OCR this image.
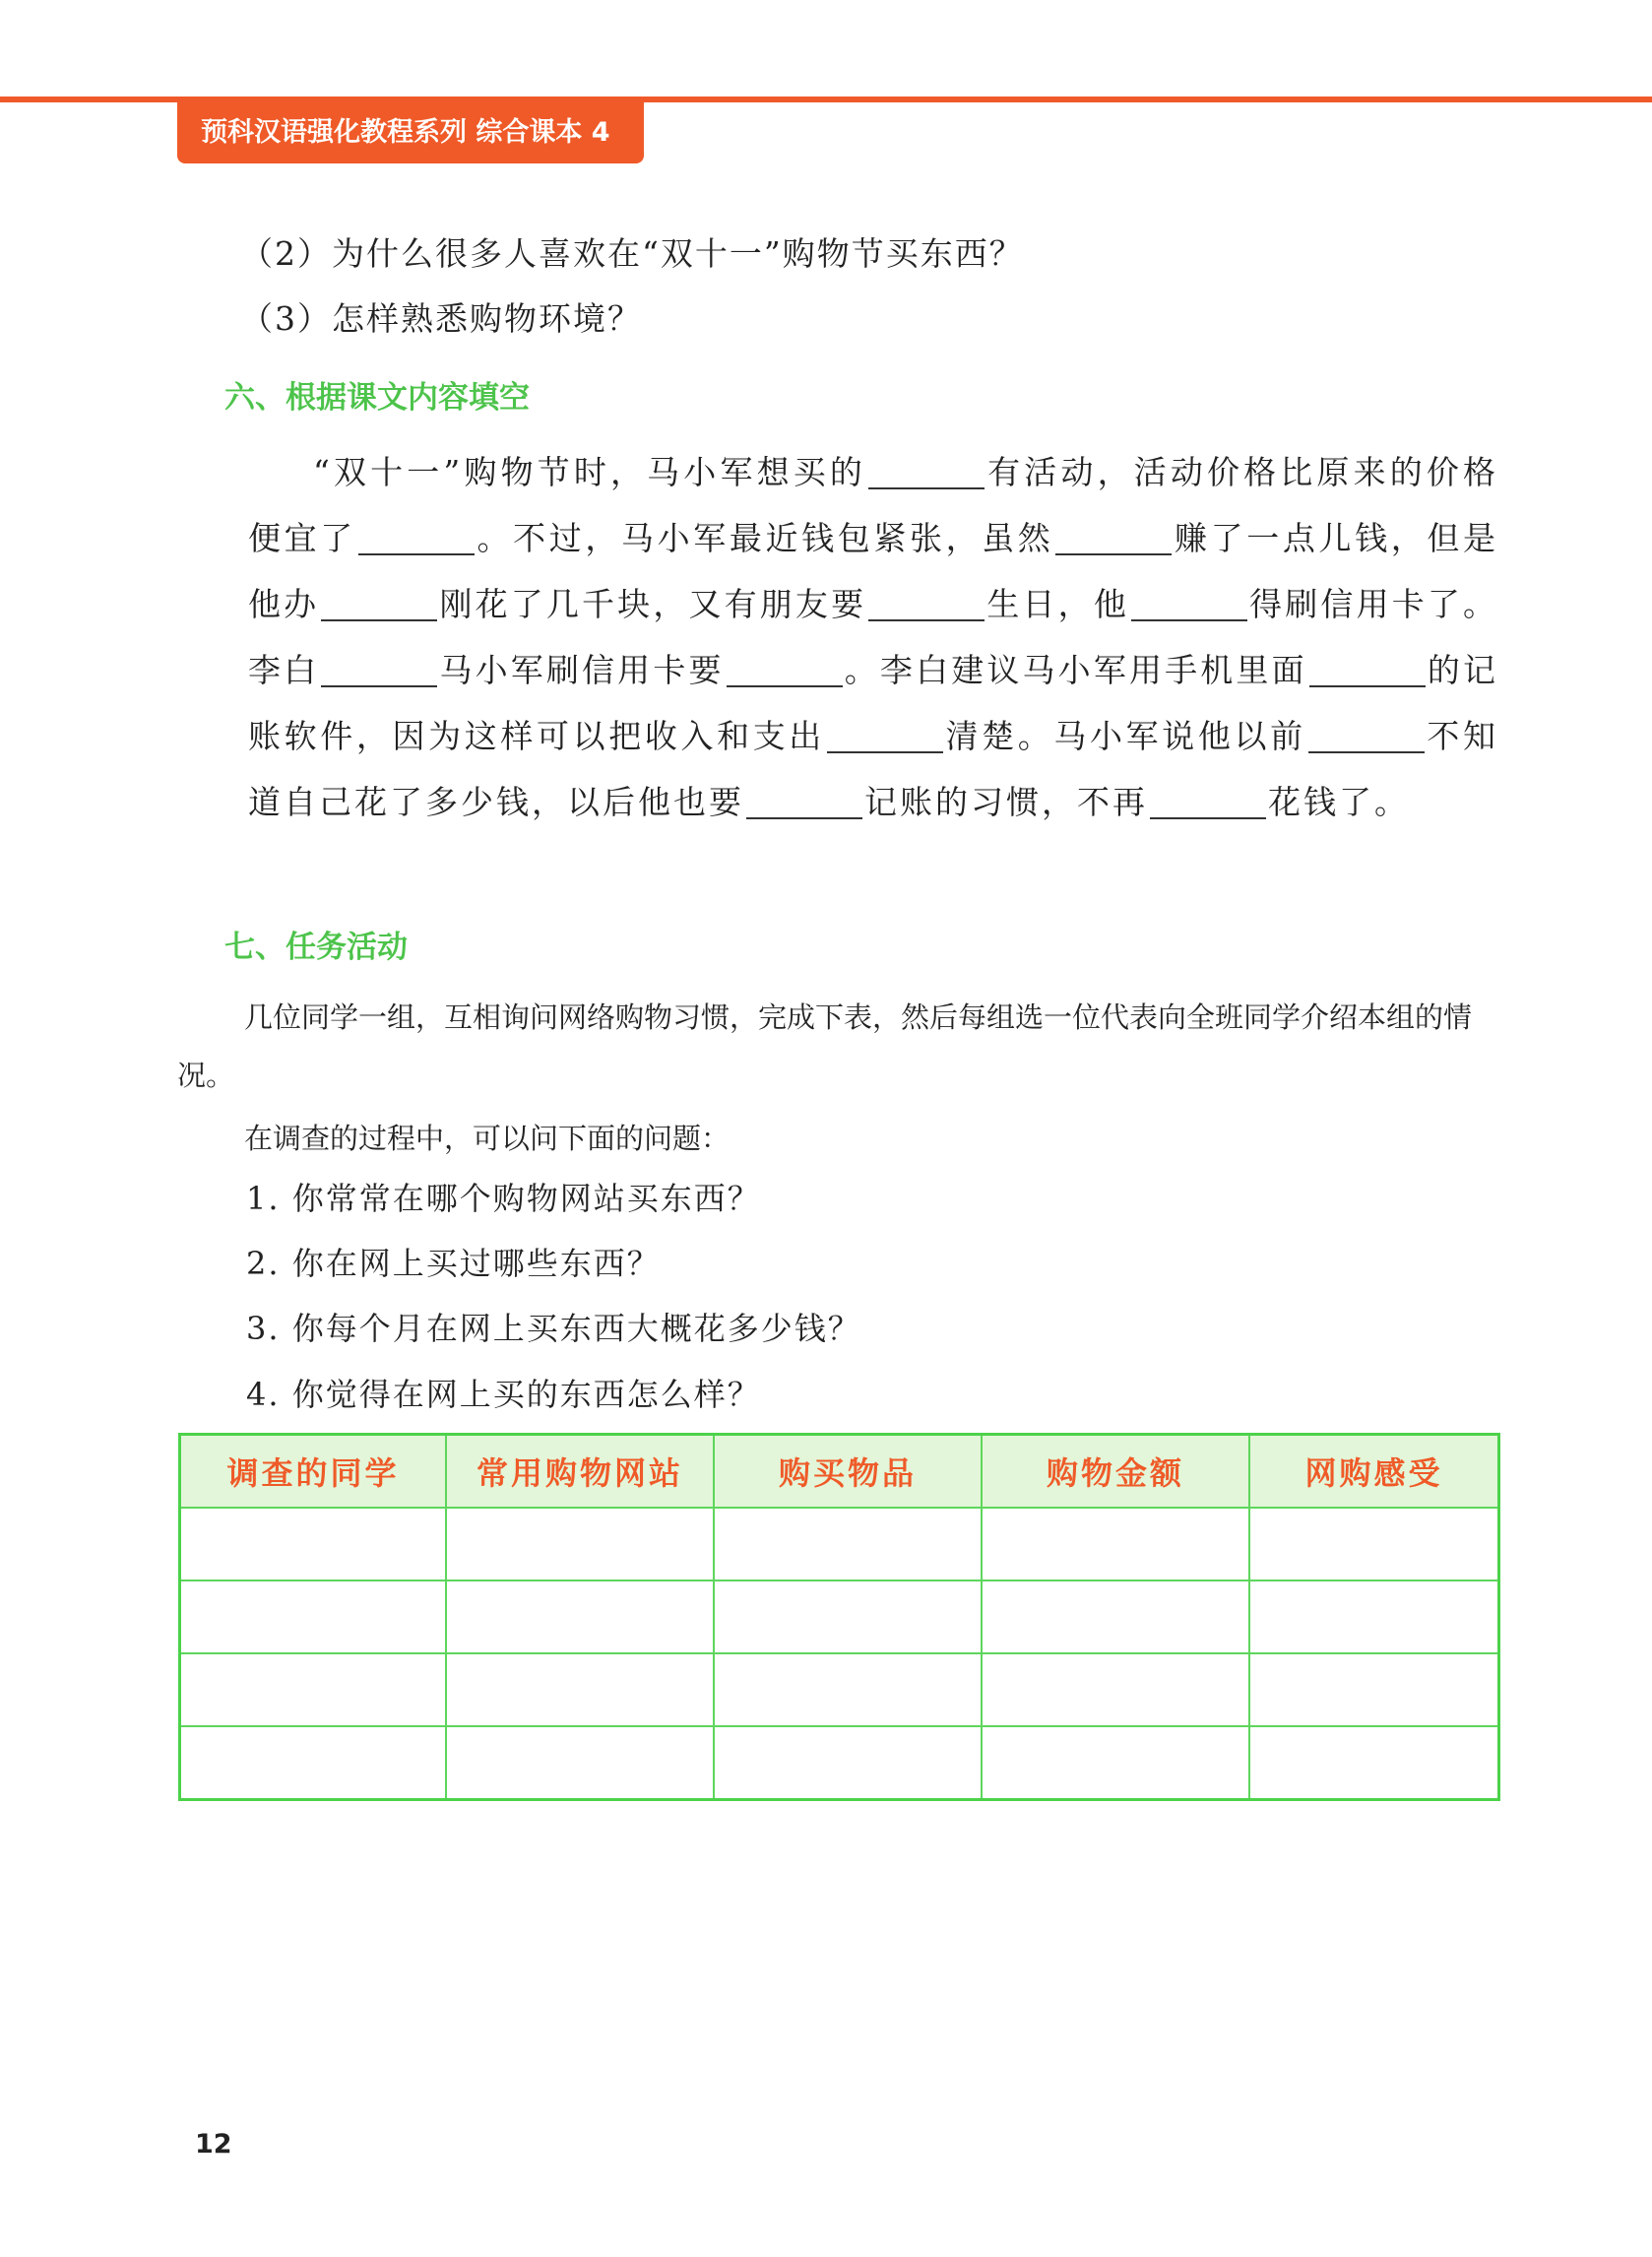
预科汉语强化教程系列 综合课本 4
（2）为什么很多人喜欢在“双十一”购物节买东西？
（3）怎样熟悉购物环境？
六、根据课文内容填空
“双十一”购物节时，马小军想买的	有活动，活动价格比原来的价格便宜了	。不过，马小军最近钱包紧张，虽然	赚了一点儿钱，但是他办	刚花了几千块，又有朋友要	生日，他	得刷信用卡了。李白	马小军刷信用卡要	。李白建议马小军用手机里面	的记账软件，因为这样可以把收入和支出	清楚。马小军说他以前	不知道自己花了多少钱，以后他也要	记账的习惯，不再	花钱了。
七、任务活动
几位同学一组，互相询问网络购物习惯，完成下表，然后每组选一位代表向全班同学介绍本组的情况。
在调查的过程中，可以问下面的问题：
1. 你常常在哪个购物网站买东西？
2. 你在网上买过哪些东西？
3. 你每个月在网上买东西大概花多少钱？
4. 你觉得在网上买的东西怎么样？
调查的同学	常用购物网站	购买物品	购物金额	网购感受

12
